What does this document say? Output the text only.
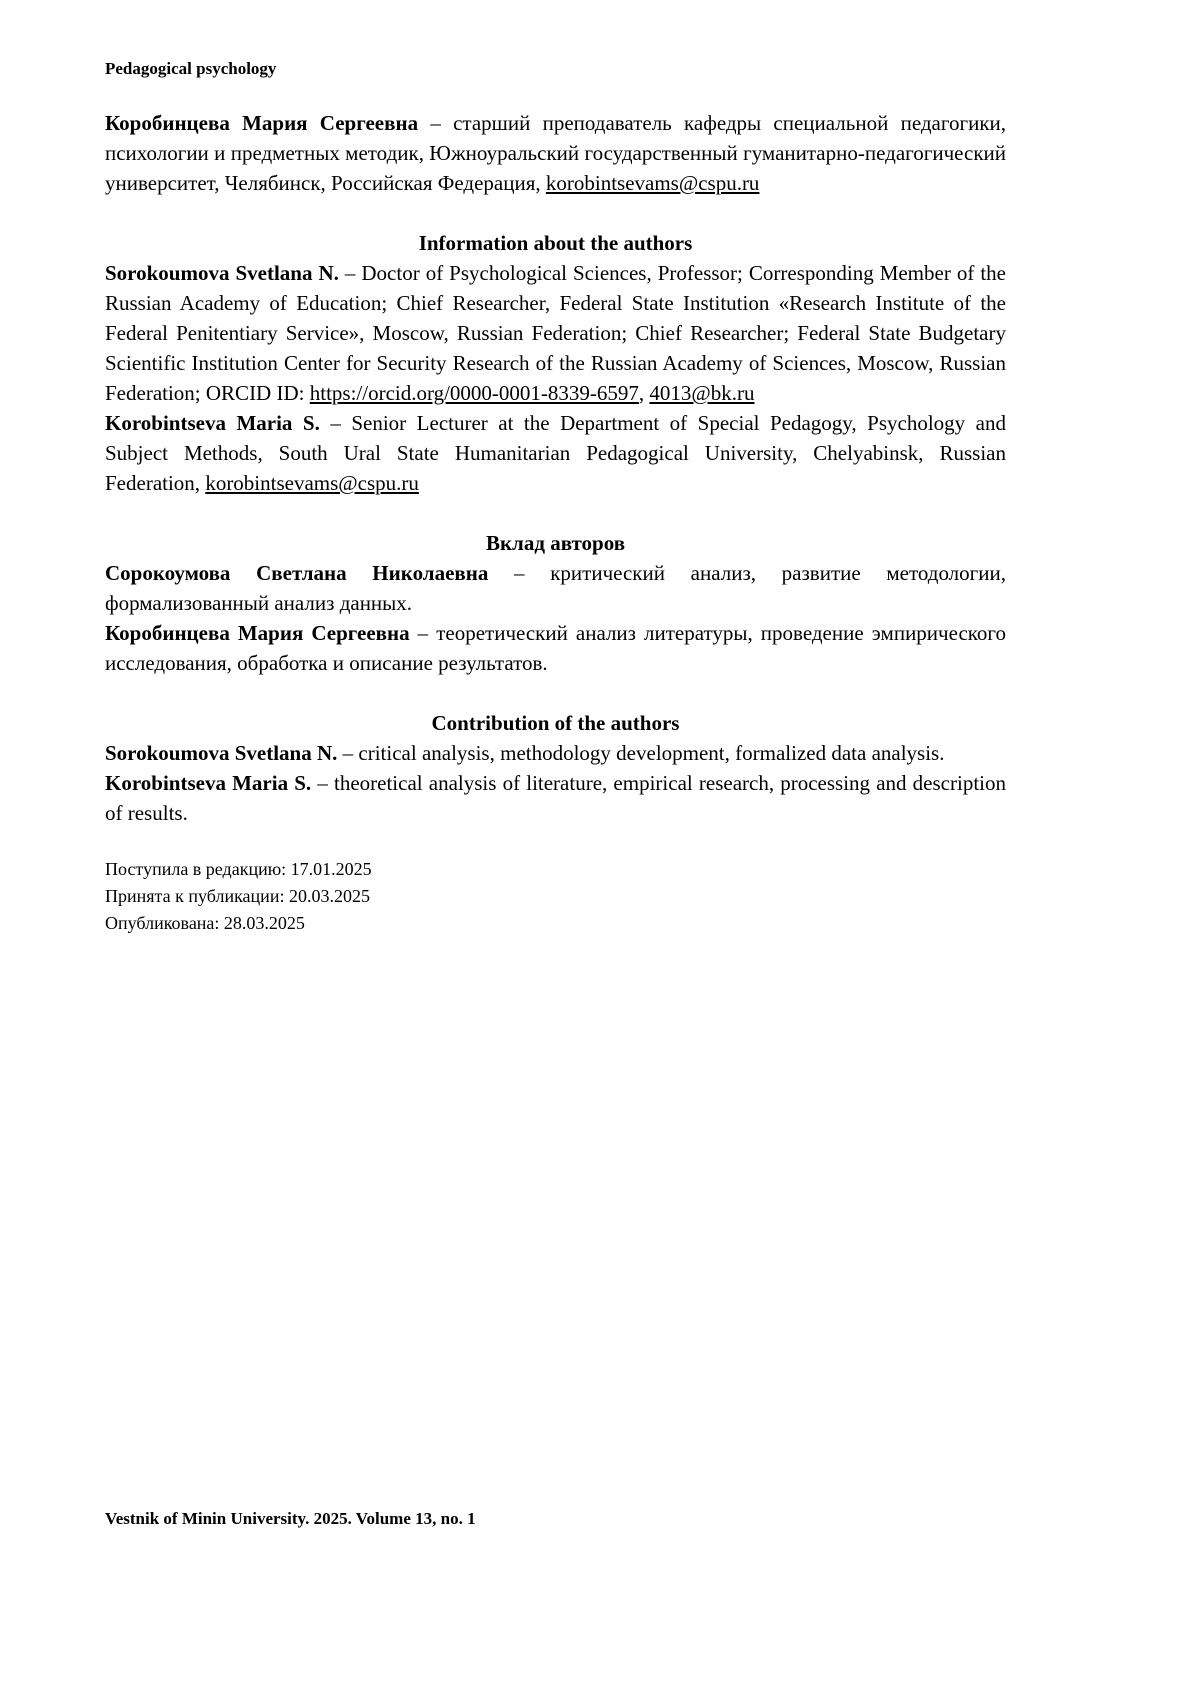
Pedagogical psychology

Коробинцева Мария Сергеевна – старший преподаватель кафедры специальной педагогики, психологии и предметных методик, Южноуральский государственный гуманитарно-педагогический университет, Челябинск, Российская Федерация, korobintsevams@cspu.ru

Information about the authors

Sorokoumova Svetlana N. – Doctor of Psychological Sciences, Professor; Corresponding Member of the Russian Academy of Education; Chief Researcher, Federal State Institution «Research Institute of the Federal Penitentiary Service», Moscow, Russian Federation; Chief Researcher; Federal State Budgetary Scientific Institution Center for Security Research of the Russian Academy of Sciences, Moscow, Russian Federation; ORCID ID: https://orcid.org/0000-0001-8339-6597, 4013@bk.ru

Korobintseva Maria S. – Senior Lecturer at the Department of Special Pedagogy, Psychology and Subject Methods, South Ural State Humanitarian Pedagogical University, Chelyabinsk, Russian Federation, korobintsevams@cspu.ru

Вклад авторов

Сорокоумова Светлана Николаевна – критический анализ, развитие методологии, формализованный анализ данных.

Коробинцева Мария Сергеевна – теоретический анализ литературы, проведение эмпирического исследования, обработка и описание результатов.

Contribution of the authors

Sorokoumova Svetlana N. – critical analysis, methodology development, formalized data analysis.

Korobintseva Maria S. – theoretical analysis of literature, empirical research, processing and description of results.

Поступила в редакцию: 17.01.2025
Принята к публикации: 20.03.2025
Опубликована: 28.03.2025
Vestnik of Minin University. 2025. Volume 13, no. 1
